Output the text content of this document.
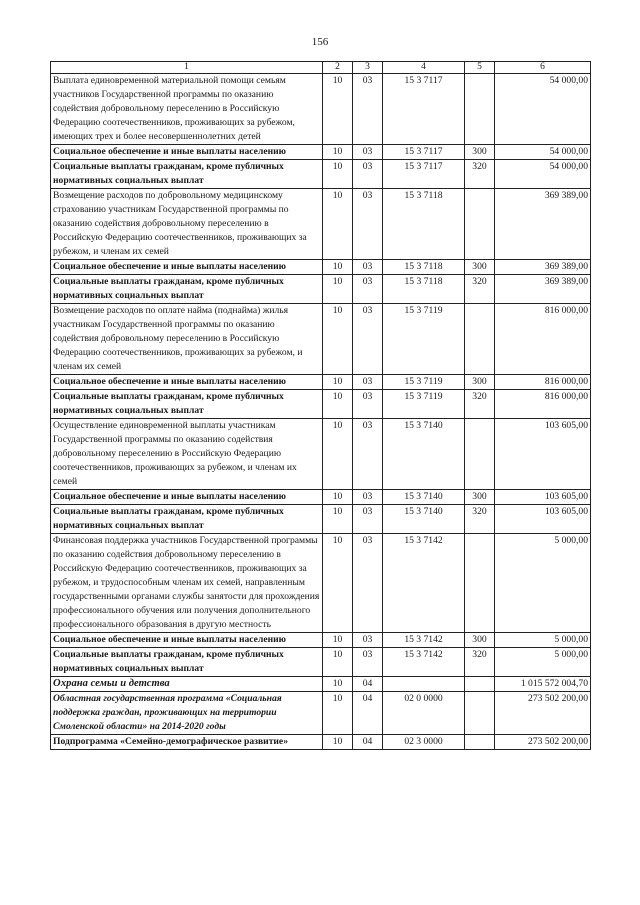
156
1	2	3	4	5	6
Выплата единовременной материальной помощи семьям участников Государственной программы по оказанию содействия добровольному переселению в Российскую Федерацию соотечественников, проживающих за рубежом, имеющих трех и более несовершеннолетних детей	10	03	15 3 7117		54 000,00
Социальное обеспечение и иные выплаты населению	10	03	15 3 7117	300	54 000,00
Социальные выплаты гражданам, кроме публичных нормативных социальных выплат	10	03	15 3 7117	320	54 000,00
Возмещение расходов по добровольному медицинскому страхованию участникам Государственной программы по оказанию содействия добровольному переселению в Российскую Федерацию соотечественников, проживающих за рубежом, и членам их семей	10	03	15 3 7118		369 389,00
Социальное обеспечение и иные выплаты населению	10	03	15 3 7118	300	369 389,00
Социальные выплаты гражданам, кроме публичных нормативных социальных выплат	10	03	15 3 7118	320	369 389,00
Возмещение расходов по оплате найма (поднайма) жилья участникам Государственной программы по оказанию содействия добровольному переселению в Российскую Федерацию соотечественников, проживающих за рубежом, и членам их семей	10	03	15 3 7119		816 000,00
Социальное обеспечение и иные выплаты населению	10	03	15 3 7119	300	816 000,00
Социальные выплаты гражданам, кроме публичных нормативных социальных выплат	10	03	15 3 7119	320	816 000,00
Осуществление единовременной выплаты участникам Государственной программы по оказанию содействия добровольному переселению в Российскую Федерацию соотечественников, проживающих за рубежом, и членам их семей	10	03	15 3 7140		103 605,00
Социальное обеспечение и иные выплаты населению	10	03	15 3 7140	300	103 605,00
Социальные выплаты гражданам, кроме публичных нормативных социальных выплат	10	03	15 3 7140	320	103 605,00
Финансовая поддержка участников Государственной программы по оказанию содействия добровольному переселению в Российскую Федерацию соотечественников, проживающих за рубежом, и трудоспособным членам их семей, направленным государственными органами службы занятости для прохождения профессионального обучения или получения дополнительного профессионального образования в другую местность	10	03	15 3 7142		5 000,00
Социальное обеспечение и иные выплаты населению	10	03	15 3 7142	300	5 000,00
Социальные выплаты гражданам, кроме публичных нормативных социальных выплат	10	03	15 3 7142	320	5 000,00
Охрана семьи и детства	10	04			1 015 572 004,70
Областная государственная программа «Социальная поддержка граждан, проживающих на территории Смоленской области» на 2014-2020 годы	10	04	02 0 0000		273 502 200,00
Подпрограмма «Семейно-демографическое развитие»	10	04	02 3 0000		273 502 200,00
